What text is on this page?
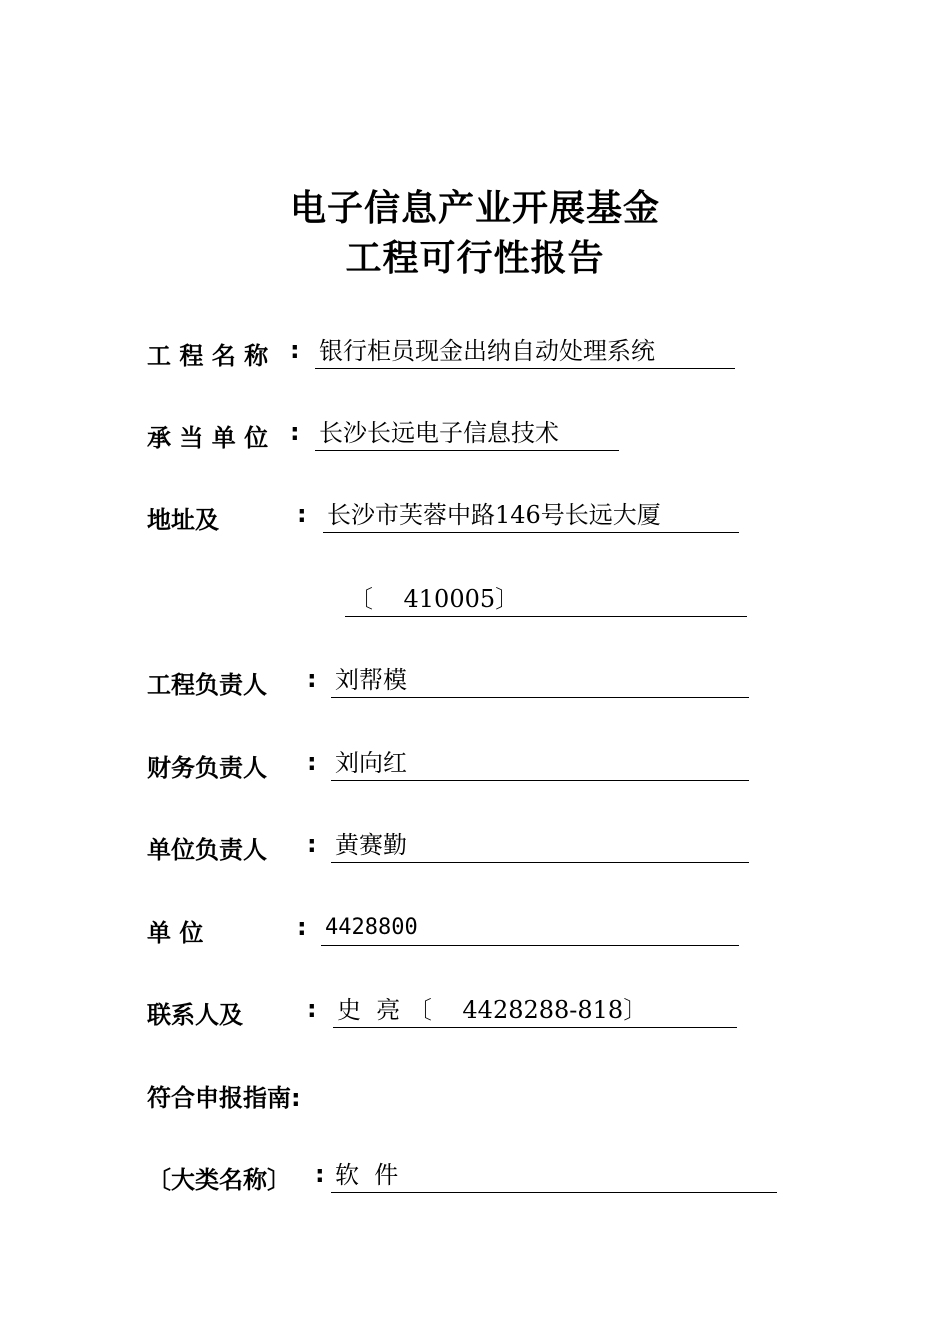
电子信息产业开展基金
工程可行性报告
工 程 名 称 : 银行柜员现金出纳自动处理系统
承 当 单 位 : 长沙长远电子信息技术
地址及	: 长沙市芙蓉中路146号长远大厦
〔    410005〕
工程负责人 : 刘帮模
财务负责人 : 刘向红
单位负责人 : 黄赛勤
单 位	: 4428800
联系人及	: 史  亮 〔    4428288-818〕
符合申报指南:
〔大类名称〕 : 软  件
